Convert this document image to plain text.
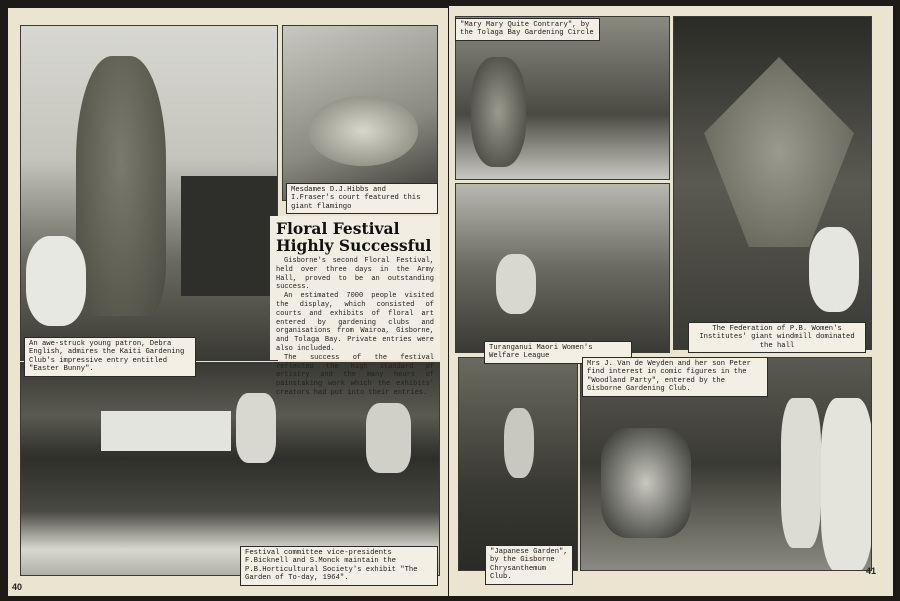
Floral Festival Highly Successful

Gisborne's second Floral Festival, held over three days in the Army Hall, proved to be an outstanding success.

An estimated 7000 people visited the display, which consisted of courts and exhibits of floral art entered by gardening clubs and organisations from Wairoa, Gisborne, and Tolaga Bay. Private entries were also included.

The success of the festival reflected the high standard of artistry and the many hours of painstaking work which the exhibits' creators had put into their entries.

An awe-struck young patron, Debra English, admires the Kaiti Gardening Club's impressive entry entitled "Easter Bunny".
Mesdames D.J.Hibbs and I.Fraser's court featured this giant flamingo
Festival committee vice-presidents F.Bicknell and S.Monck maintain the P.B.Horticultural Society's exhibit "The Garden of To-day, 1964".
40
"Mary Mary Quite Contrary", by the Tolaga Bay Gardening Circle
The Federation of P.B. Women's Institutes' giant windmill dominated the hall
Turanganui Maori Women's Welfare League
"Japanese Garden", by the Gisborne Chrysanthemum Club.
Mrs J. Van de Weyden and her son Peter find interest in comic figures in the "Woodland Party", entered by the Gisborne Gardening Club.
41
